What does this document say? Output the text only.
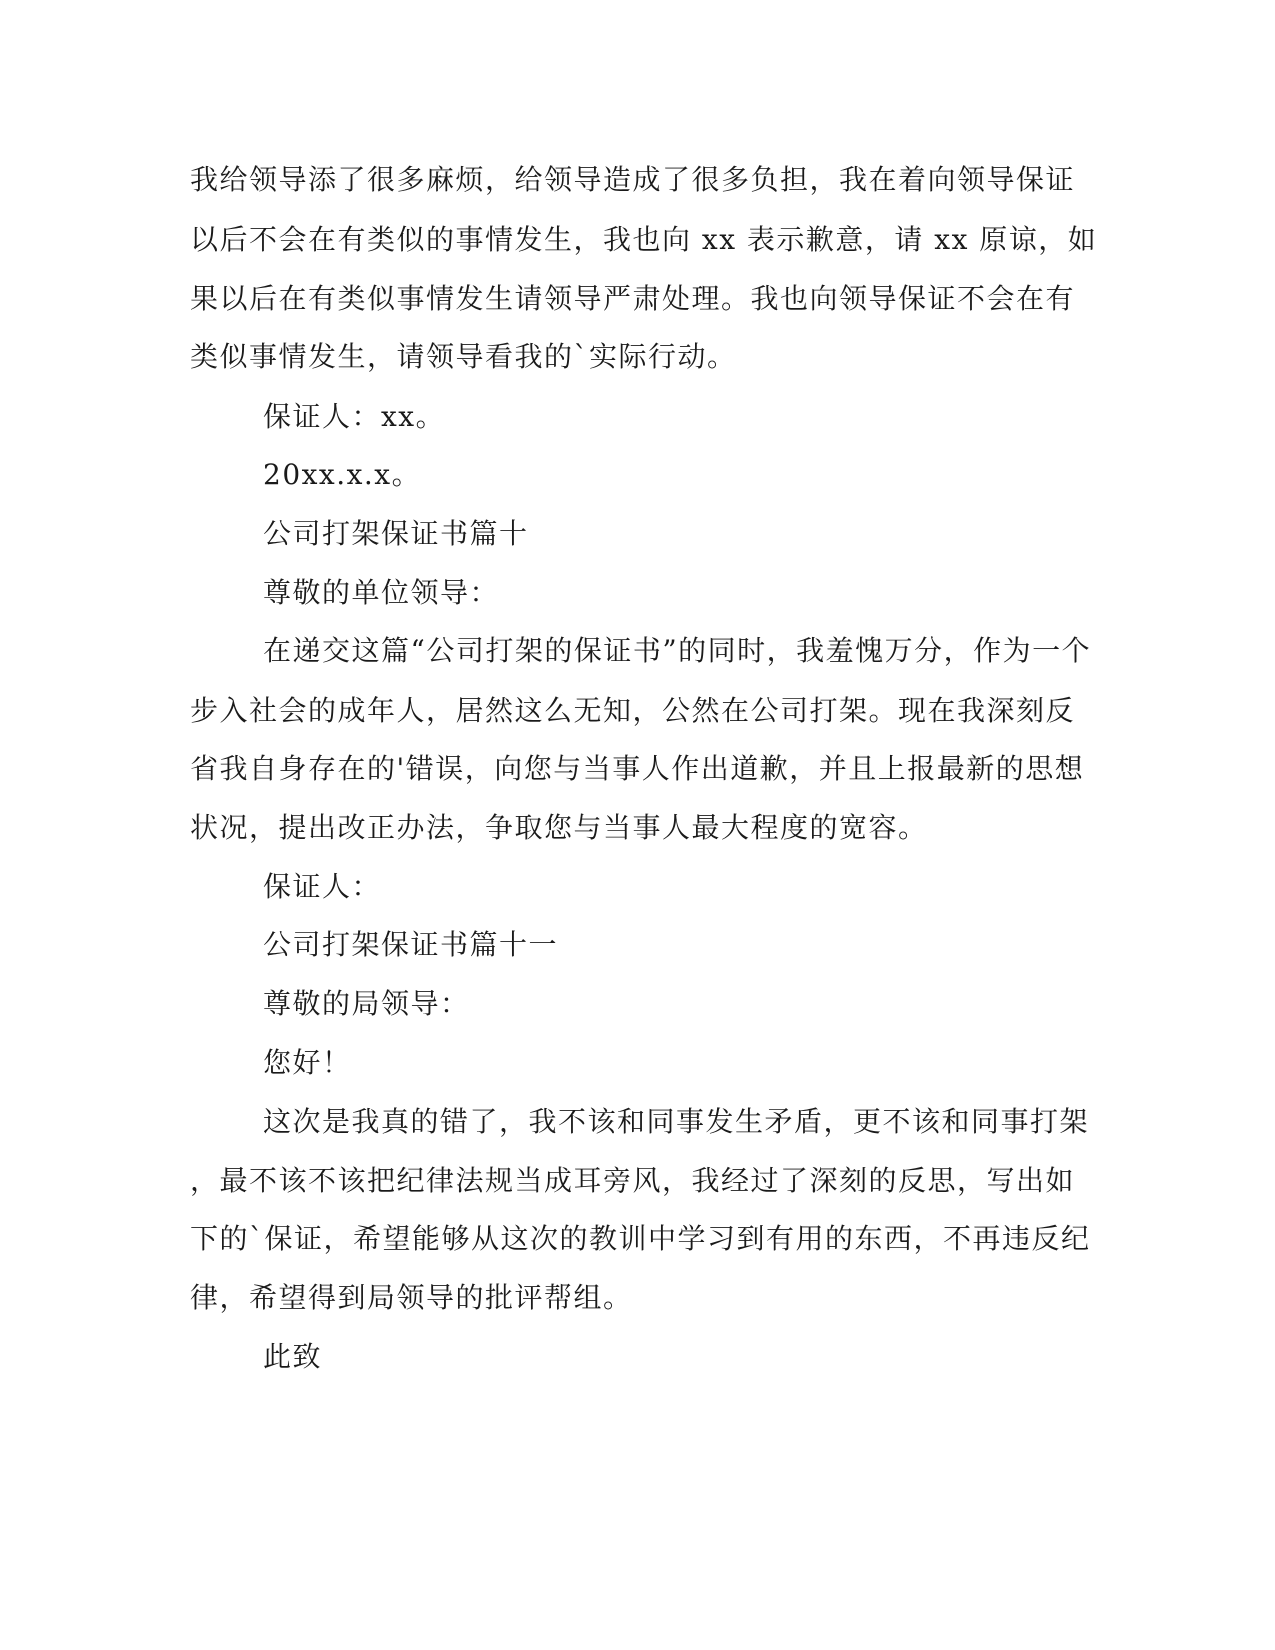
我给领导添了很多麻烦，给领导造成了很多负担，我在着向领导保证
以后不会在有类似的事情发生，我也向 xx 表示歉意，请 xx 原谅，如
果以后在有类似事情发生请领导严肃处理。我也向领导保证不会在有
类似事情发生，请领导看我的`实际行动。
保证人：xx。
20xx.x.x。
公司打架保证书篇十
尊敬的单位领导：
在递交这篇“公司打架的保证书”的同时，我羞愧万分，作为一个
步入社会的成年人，居然这么无知，公然在公司打架。现在我深刻反
省我自身存在的'错误，向您与当事人作出道歉，并且上报最新的思想
状况，提出改正办法，争取您与当事人最大程度的宽容。
保证人：
公司打架保证书篇十一
尊敬的局领导：
您好！
这次是我真的错了，我不该和同事发生矛盾，更不该和同事打架
，最不该不该把纪律法规当成耳旁风，我经过了深刻的反思，写出如
下的`保证，希望能够从这次的教训中学习到有用的东西，不再违反纪
律，希望得到局领导的批评帮组。
此致
